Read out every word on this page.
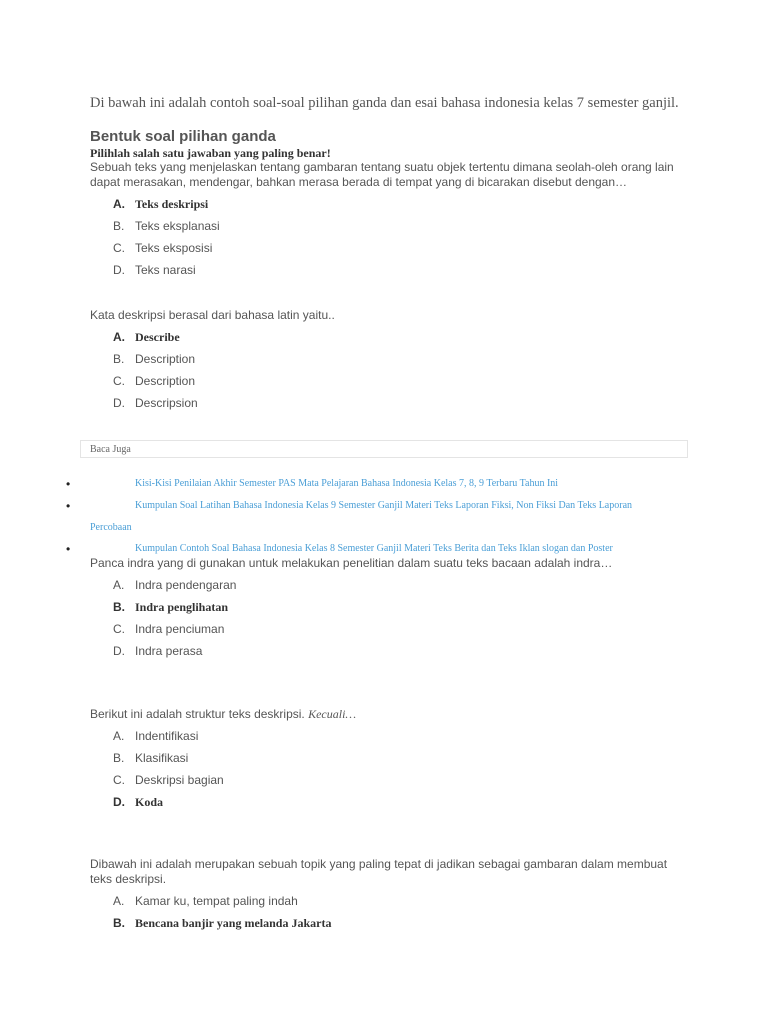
Di bawah ini adalah contoh soal-soal pilihan ganda dan esai bahasa indonesia kelas 7 semester ganjil.
Bentuk soal pilihan ganda
Pilihlah salah satu jawaban yang paling benar!
Sebuah teks yang menjelaskan tentang gambaran tentang suatu objek tertentu dimana seolah-oleh orang lain dapat merasakan, mendengar, bahkan merasa berada di tempat yang di bicarakan disebut dengan…
A. Teks deskripsi
B. Teks eksplanasi
C. Teks eksposisi
D. Teks narasi
Kata deskripsi berasal dari bahasa latin yaitu..
A. Describe
B. Description
C. Description
D. Descripsion
Baca Juga
•	Kisi-Kisi Penilaian Akhir Semester PAS Mata Pelajaran Bahasa Indonesia Kelas 7, 8, 9 Terbaru Tahun Ini
•	Kumpulan Soal Latihan Bahasa Indonesia Kelas 9 Semester Ganjil Materi Teks Laporan Fiksi, Non Fiksi Dan Teks Laporan
Percobaan
•	Kumpulan Contoh Soal Bahasa Indonesia Kelas 8 Semester Ganjil Materi Teks Berita dan Teks Iklan slogan dan Poster
Panca indra yang di gunakan untuk melakukan penelitian dalam suatu teks bacaan adalah indra…
A. Indra pendengaran
B. Indra penglihatan
C. Indra penciuman
D. Indra perasa
Berikut ini adalah struktur teks deskripsi. Kecuali…
A. Indentifikasi
B. Klasifikasi
C. Deskripsi bagian
D. Koda
Dibawah ini adalah merupakan sebuah topik yang paling tepat di jadikan sebagai gambaran dalam membuat teks deskripsi.
A. Kamar ku, tempat paling indah
B. Bencana banjir yang melanda Jakarta
